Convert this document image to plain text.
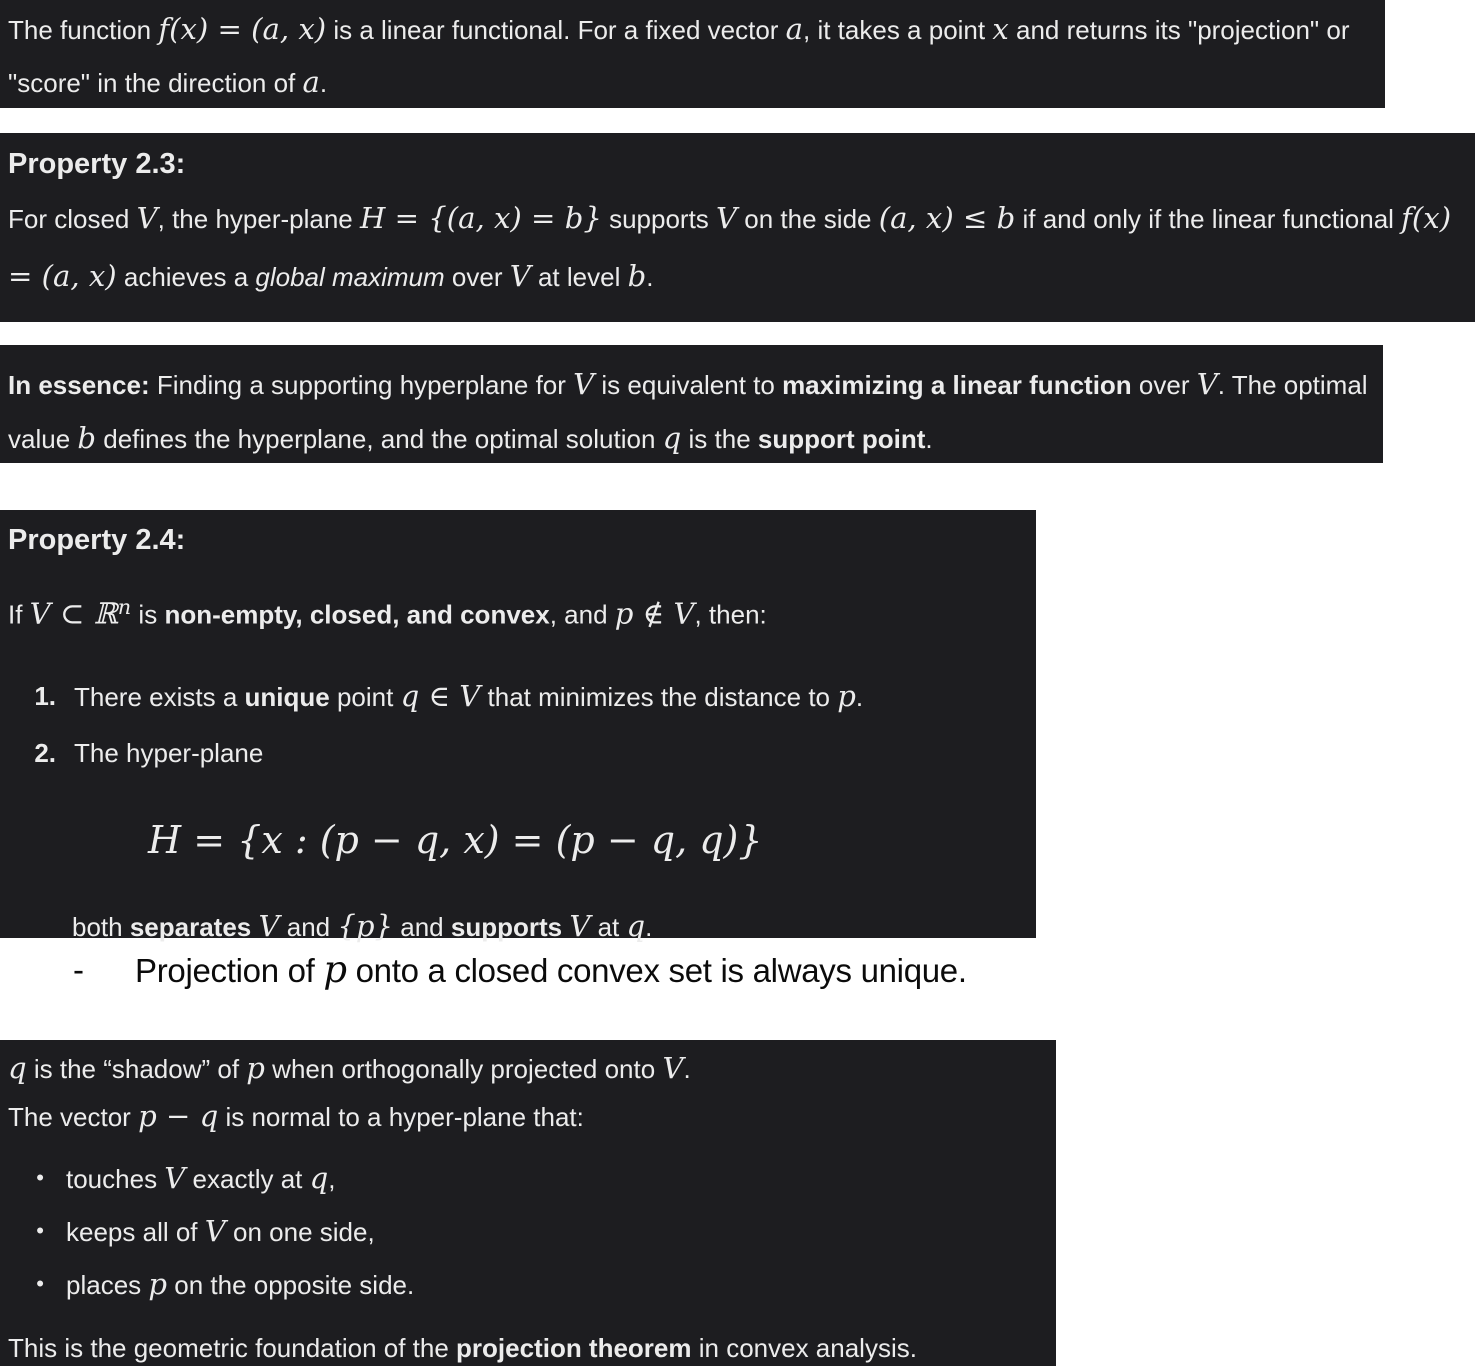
The function f(x) = (a, x) is a linear functional. For a fixed vector a, it takes a point x and returns its "projection" or "score" in the direction of a.
Property 2.3:
For closed V, the hyper-plane H = {(a, x) = b} supports V on the side (a, x) ≤ b if and only if the linear functional f(x) = (a, x) achieves a global maximum over V at level b.
In essence: Finding a supporting hyperplane for V is equivalent to maximizing a linear function over V. The optimal value b defines the hyperplane, and the optimal solution q is the support point.
Property 2.4:
If V ⊂ ℝ$^n$ is non-empty, closed, and convex, and p ∉ V, then:
1. There exists a unique point q ∈ V that minimizes the distance to p.
2. The hyper-plane
H = {x : (p − q, x) = (p − q, q)}
both separates V and {p} and supports V at q.
- Projection of p onto a closed convex set is always unique.
q is the “shadow” of p when orthogonally projected onto V.
The vector p − q is normal to a hyper-plane that:
• touches V exactly at q,
• keeps all of V on one side,
• places p on the opposite side.
This is the geometric foundation of the projection theorem in convex analysis.
